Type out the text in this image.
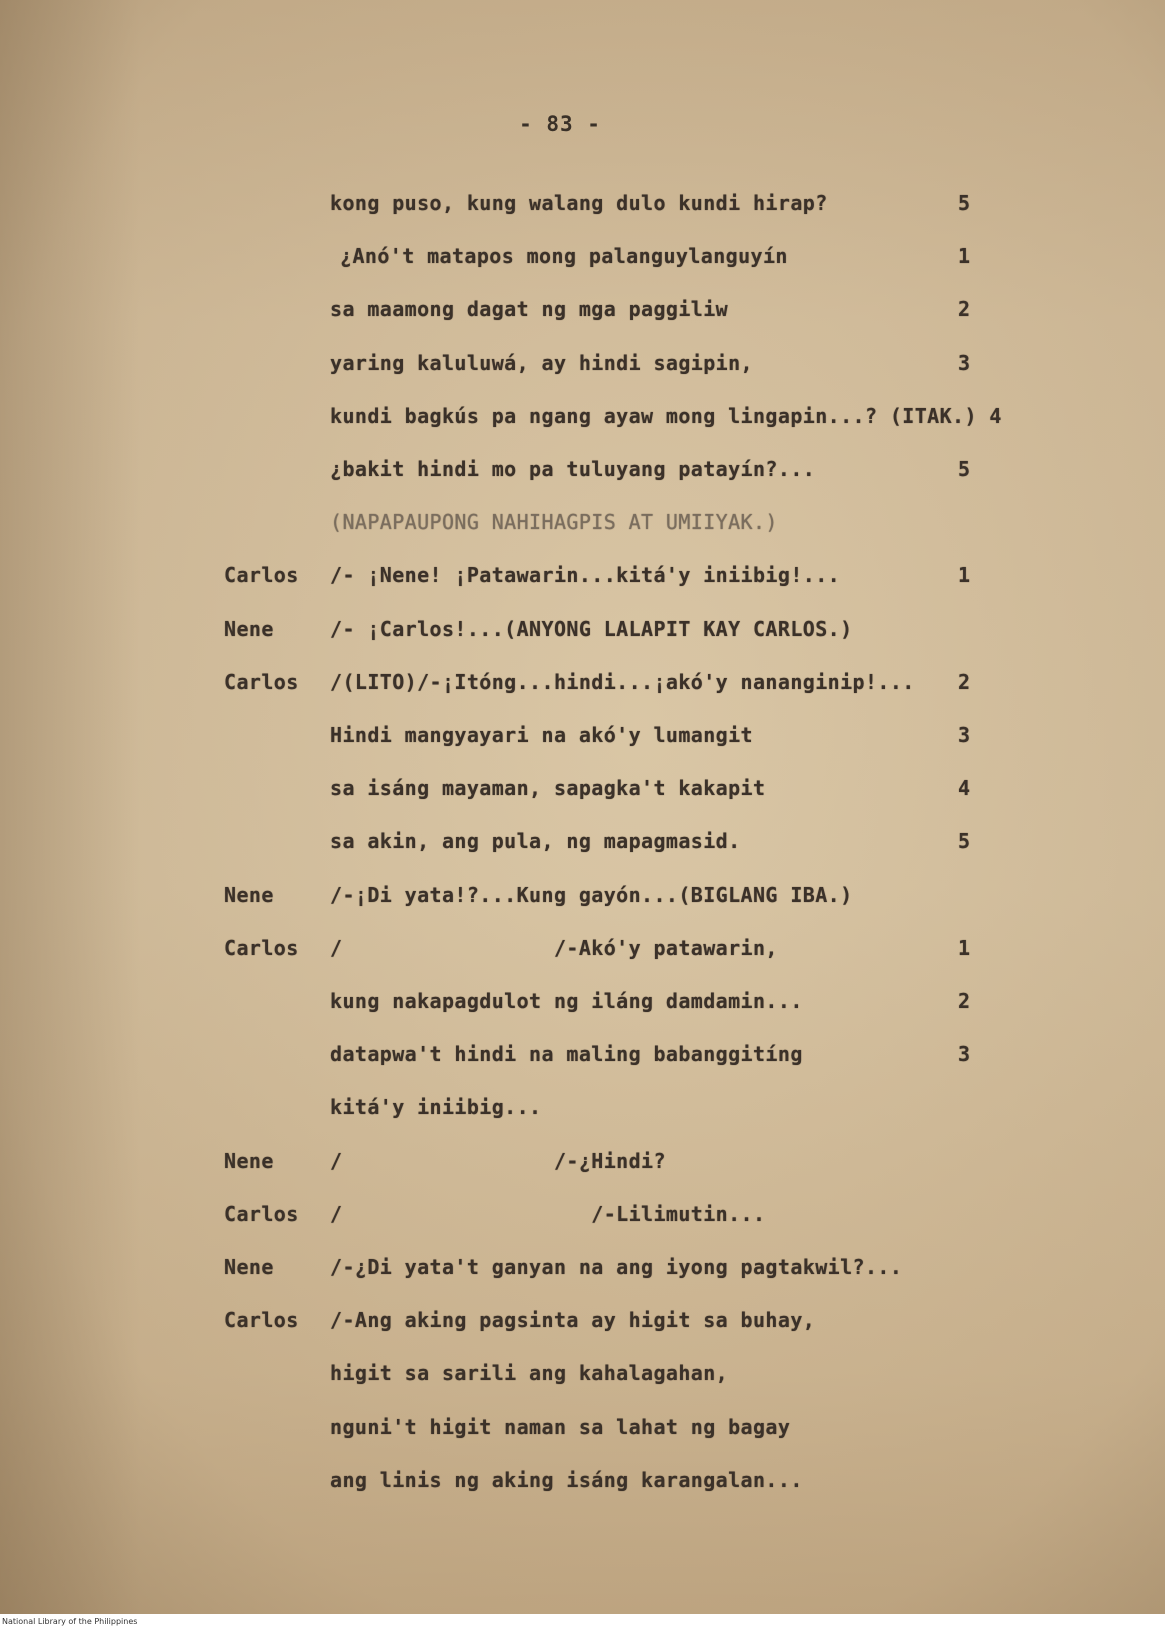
- 83 -
kong puso, kung walang dulo kundi hirap?	5
¿Anó't matapos mong palanguylanguyín	1
sa maamong dagat ng mga paggiliw	2
yaring kaluluwá, ay hindi sagipin,	3
kundi bagkús pa ngang ayaw mong lingapin...? (ITAK.) 4
¿bakit hindi mo pa tuluyang patayín?...	5
(NAPAPAUPONG NAHIHAGPIS AT UMIIYAK.)
Carlos /- ¡Nene! ¡Patawarin...kitá'y iniibig!...	1
Nene	/- ¡Carlos!...(ANYONG LALAPIT KAY CARLOS.)
Carlos /(LITO)/-¡Itóng...hindi...¡akó'y nananginip!... 2
Hindi mangyayari na akó'y lumangit	3
sa isáng mayaman, sapagka't kakapit	4
sa akin, ang pula, ng mapagmasid.	5
Nene	/-¡Di yata!?...Kung gayón...(BIGLANG IBA.)
Carlos /                 /-Akó'y patawarin,	1
kung nakapagdulot ng iláng damdamin...	2
datapwa't hindi na maling babanggitíng	3
kitá'y iniibig...
Nene	/                 /-¿Hindi?
Carlos /                    /-Lilimutin...
Nene	/-¿Di yata't ganyan na ang iyong pagtakwil?...
Carlos /-Ang aking pagsinta ay higit sa buhay,
higit sa sarili ang kahalagahan,
nguni't higit naman sa lahat ng bagay
ang linis ng aking isáng karangalan...
National Library of the Philippines
